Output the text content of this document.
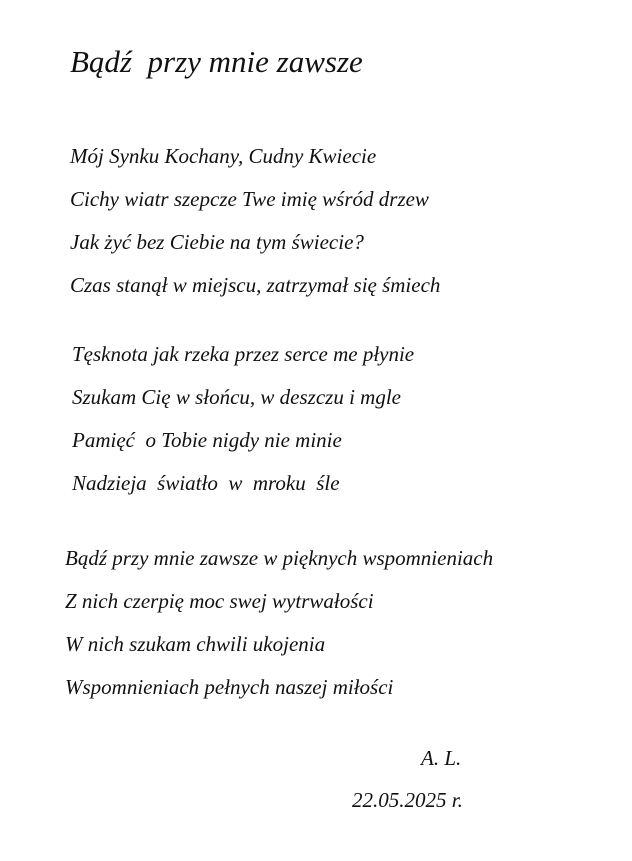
Bądź  przy mnie zawsze
Mój Synku Kochany, Cudny Kwiecie
Cichy wiatr szepcze Twe imię wśród drzew
Jak żyć bez Ciebie na tym świecie?
Czas stanął w miejscu, zatrzymał się śmiech
Tęsknota jak rzeka przez serce me płynie
Szukam Cię w słońcu, w deszczu i mgle
Pamięć  o Tobie nigdy nie minie
Nadzieja  światło  w  mroku  śle
Bądź przy mnie zawsze w pięknych wspomnieniach
Z nich czerpię moc swej wytrwałości
W nich szukam chwili ukojenia
Wspomnieniach pełnych naszej miłości
A. L.
22.05.2025 r.
